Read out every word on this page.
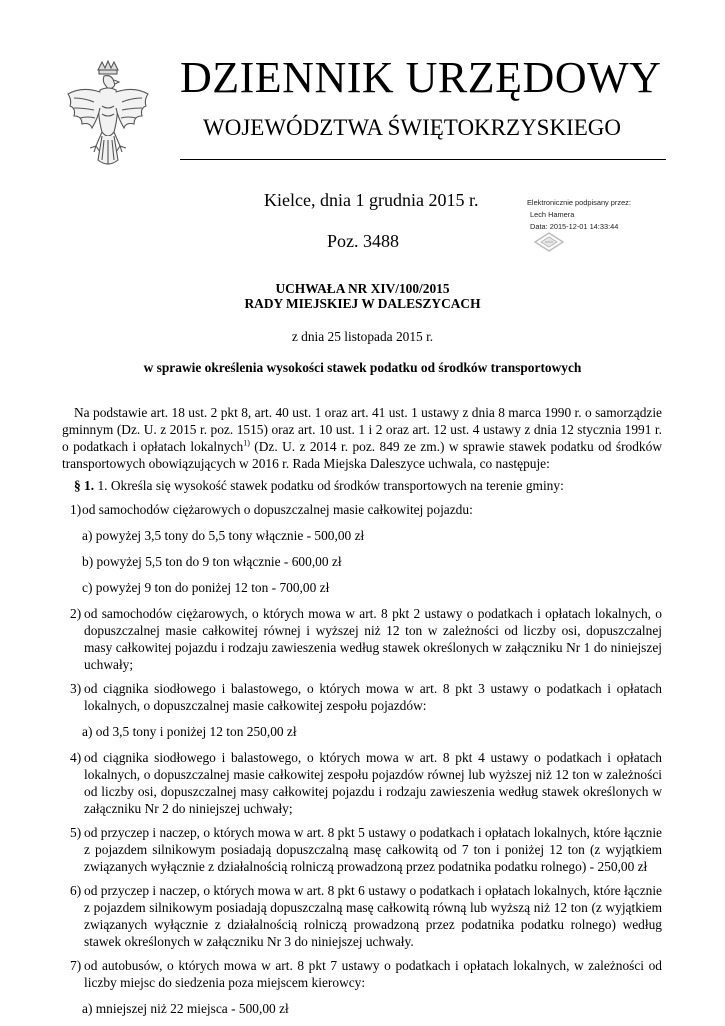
DZIENNIK URZĘDOWY
WOJEWÓDZTWA ŚWIĘTOKRZYSKIEGO
Kielce, dnia 1 grudnia 2015 r.
Poz. 3488
Elektronicznie podpisany przez:
Lech Hamera
Data: 2015-12-01 14:33:44
UCHWAŁA NR XIV/100/2015
RADY MIEJSKIEJ W DALESZYCACH
z dnia 25 listopada 2015 r.
w sprawie określenia wysokości stawek podatku od środków transportowych

Na podstawie art. 18 ust. 2 pkt 8, art. 40 ust. 1 oraz art. 41 ust. 1 ustawy z dnia 8 marca 1990 r. o samorządzie gminnym (Dz. U. z 2015 r. poz. 1515) oraz art. 10 ust. 1 i 2 oraz art. 12 ust. 4 ustawy z dnia 12 stycznia 1991 r. o podatkach i opłatach lokalnych$^{1)}$ (Dz. U. z 2014 r. poz. 849 ze zm.) w sprawie stawek podatku od środków transportowych obowiązujących w 2016 r. Rada Miejska Daleszyce uchwala, co następuje:

§ 1. 1. Określa się wysokość stawek podatku od środków transportowych na terenie gminy:

1) od samochodów ciężarowych o dopuszczalnej masie całkowitej pojazdu:

a) powyżej 3,5 tony do 5,5 tony włącznie - 500,00 zł

b) powyżej 5,5 ton do 9 ton włącznie - 600,00 zł

c) powyżej 9 ton do poniżej 12 ton - 700,00 zł

2) od samochodów ciężarowych, o których mowa w art. 8 pkt 2 ustawy o podatkach i opłatach lokalnych, o dopuszczalnej masie całkowitej równej i wyższej niż 12 ton w zależności od liczby osi, dopuszczalnej masy całkowitej pojazdu i rodzaju zawieszenia według stawek określonych w załączniku Nr 1 do niniejszej uchwały;

3) od ciągnika siodłowego i balastowego, o których mowa w art. 8 pkt 3 ustawy o podatkach i opłatach lokalnych, o dopuszczalnej masie całkowitej zespołu pojazdów:

a) od 3,5 tony i poniżej 12 ton 250,00 zł

4) od ciągnika siodłowego i balastowego, o których mowa w art. 8 pkt 4 ustawy o podatkach i opłatach lokalnych, o dopuszczalnej masie całkowitej zespołu pojazdów równej lub wyższej niż 12 ton w zależności od liczby osi, dopuszczalnej masy całkowitej pojazdu i rodzaju zawieszenia według stawek określonych w załączniku Nr 2 do niniejszej uchwały;

5) od przyczep i naczep, o których mowa w art. 8 pkt 5 ustawy o podatkach i opłatach lokalnych, które łącznie z pojazdem silnikowym posiadają dopuszczalną masę całkowitą od 7 ton i poniżej 12 ton (z wyjątkiem związanych wyłącznie z działalnością rolniczą prowadzoną przez podatnika podatku rolnego) - 250,00 zł

6) od przyczep i naczep, o których mowa w art. 8 pkt 6 ustawy o podatkach i opłatach lokalnych, które łącznie z pojazdem silnikowym posiadają dopuszczalną masę całkowitą równą lub wyższą niż 12 ton (z wyjątkiem związanych wyłącznie z działalnością rolniczą prowadzoną przez podatnika podatku rolnego) według stawek określonych w załączniku Nr 3 do niniejszej uchwały.

7) od autobusów, o których mowa w art. 8 pkt 7 ustawy o podatkach i opłatach lokalnych, w zależności od liczby miejsc do siedzenia poza miejscem kierowcy:

a) mniejszej niż 22 miejsca - 500,00 zł
